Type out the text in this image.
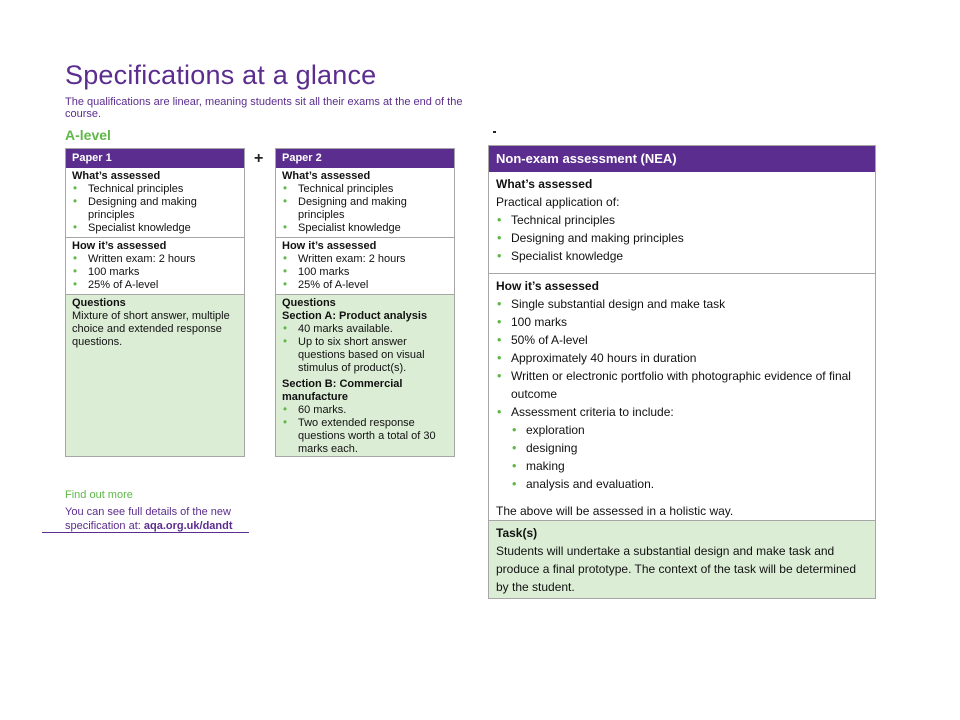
Specifications at a glance
The qualifications are linear, meaning students sit all their exams at the end of the course.
A-level
Paper 1
What’s assessed
• Technical principles
• Designing and making principles
• Specialist knowledge
How it’s assessed
• Written exam: 2 hours
• 100 marks
• 25% of A-level
Questions
Mixture of short answer, multiple choice and extended response questions.
+	Paper 2
What’s assessed
• Technical principles
• Designing and making principles
• Specialist knowledge
How it’s assessed
• Written exam: 2 hours
• 100 marks
• 25% of A-level
Questions
Section A: Product analysis
• 40 marks available.
• Up to six short answer questions based on visual stimulus of product(s).
Section B: Commercial manufacture
• 60 marks.
• Two extended response questions worth a total of 30 marks each.
Find out more
You can see full details of the new specification at: aqa.org.uk/dandt
Non-exam assessment (NEA)
What’s assessed
Practical application of:
• Technical principles
• Designing and making principles
• Specialist knowledge
How it’s assessed
• Single substantial design and make task
• 100 marks
• 50% of A-level
• Approximately 40 hours in duration
• Written or electronic portfolio with photographic evidence of final outcome
• Assessment criteria to include:
• exploration
• designing
• making
• analysis and evaluation.
The above will be assessed in a holistic way.
Task(s)
Students will undertake a substantial design and make task and produce a final prototype. The context of the task will be determined by the student.
